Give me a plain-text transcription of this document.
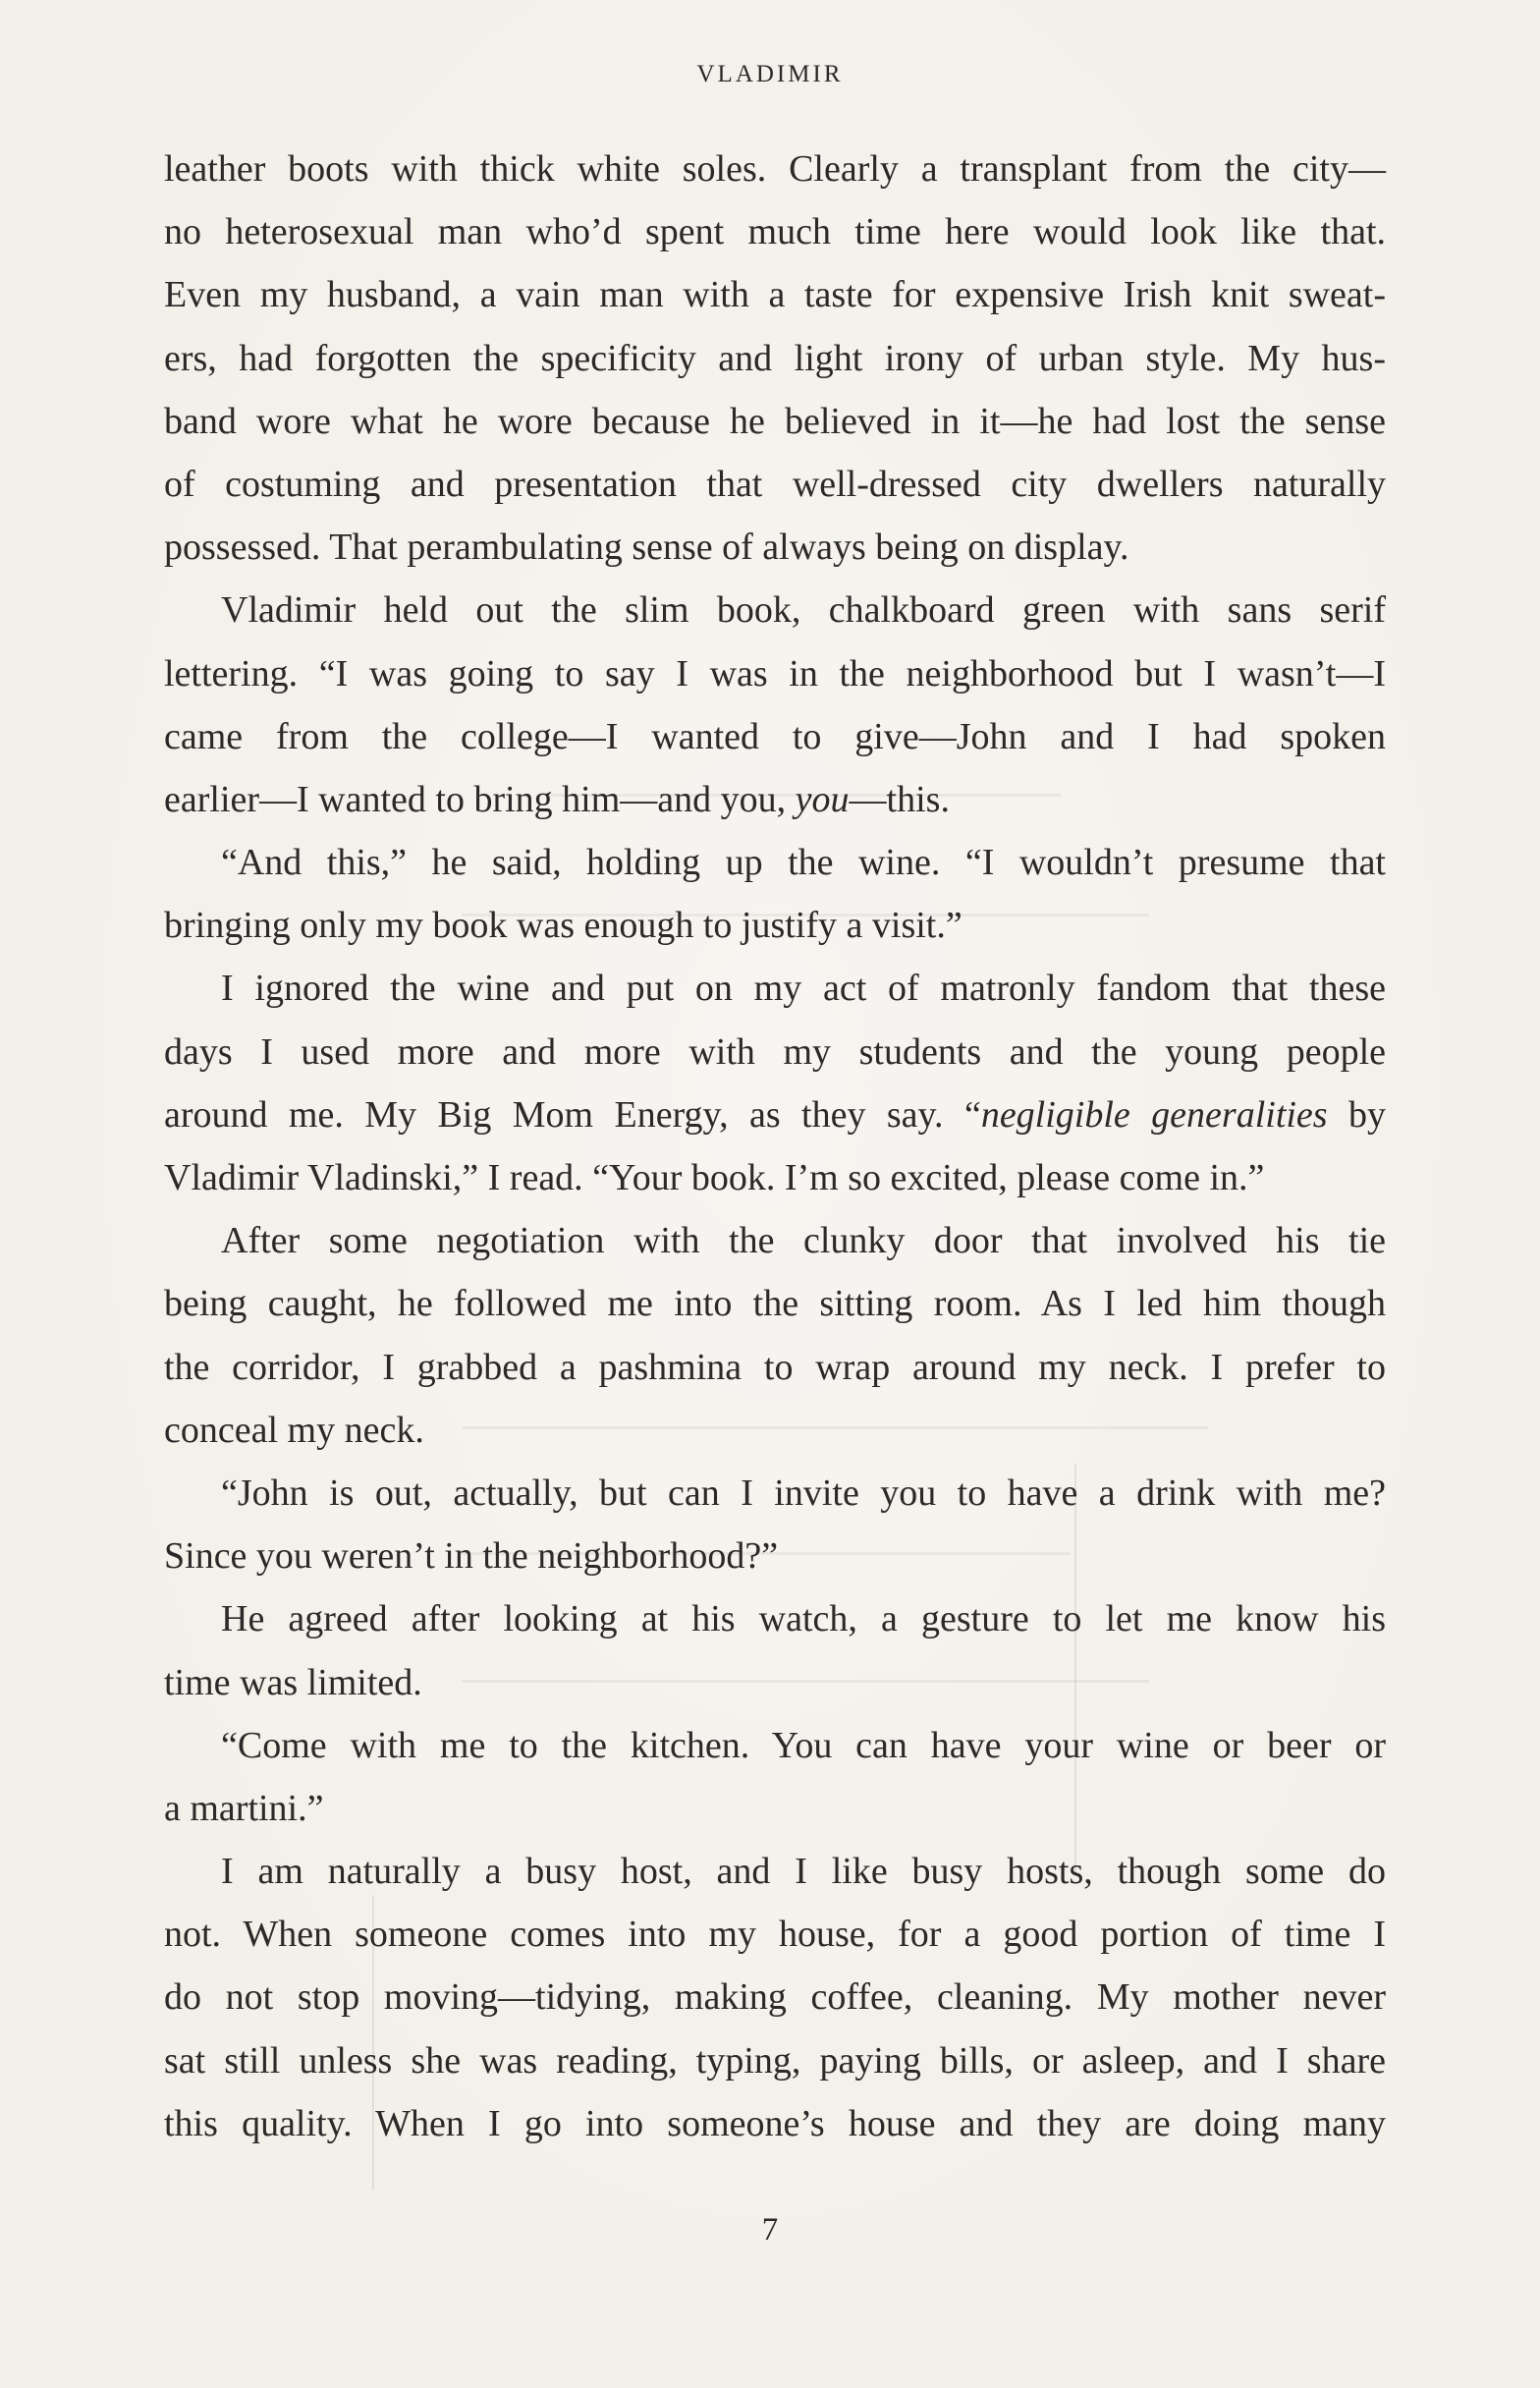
VLADIMIR
leather boots with thick white soles. Clearly a transplant from the city—
no heterosexual man who’d spent much time here would look like that.
Even my husband, a vain man with a taste for expensive Irish knit sweat-
ers, had forgotten the specificity and light irony of urban style. My hus-
band wore what he wore because he believed in it—he had lost the sense
of costuming and presentation that well-dressed city dwellers naturally
possessed. That perambulating sense of always being on display.
Vladimir held out the slim book, chalkboard green with sans serif
lettering. “I was going to say I was in the neighborhood but I wasn’t—I
came from the college—I wanted to give—John and I had spoken
earlier—I wanted to bring him—and you, you—this.
“And this,” he said, holding up the wine. “I wouldn’t presume that
bringing only my book was enough to justify a visit.”
I ignored the wine and put on my act of matronly fandom that these
days I used more and more with my students and the young people
around me. My Big Mom Energy, as they say. “negligible generalities by
Vladimir Vladinski,” I read. “Your book. I’m so excited, please come in.”
After some negotiation with the clunky door that involved his tie
being caught, he followed me into the sitting room. As I led him though
the corridor, I grabbed a pashmina to wrap around my neck. I prefer to
conceal my neck.
“John is out, actually, but can I invite you to have a drink with me?
Since you weren’t in the neighborhood?”
He agreed after looking at his watch, a gesture to let me know his
time was limited.
“Come with me to the kitchen. You can have your wine or beer or
a martini.”
I am naturally a busy host, and I like busy hosts, though some do
not. When someone comes into my house, for a good portion of time I
do not stop moving—tidying, making coffee, cleaning. My mother never
sat still unless she was reading, typing, paying bills, or asleep, and I share
this quality. When I go into someone’s house and they are doing many
7
